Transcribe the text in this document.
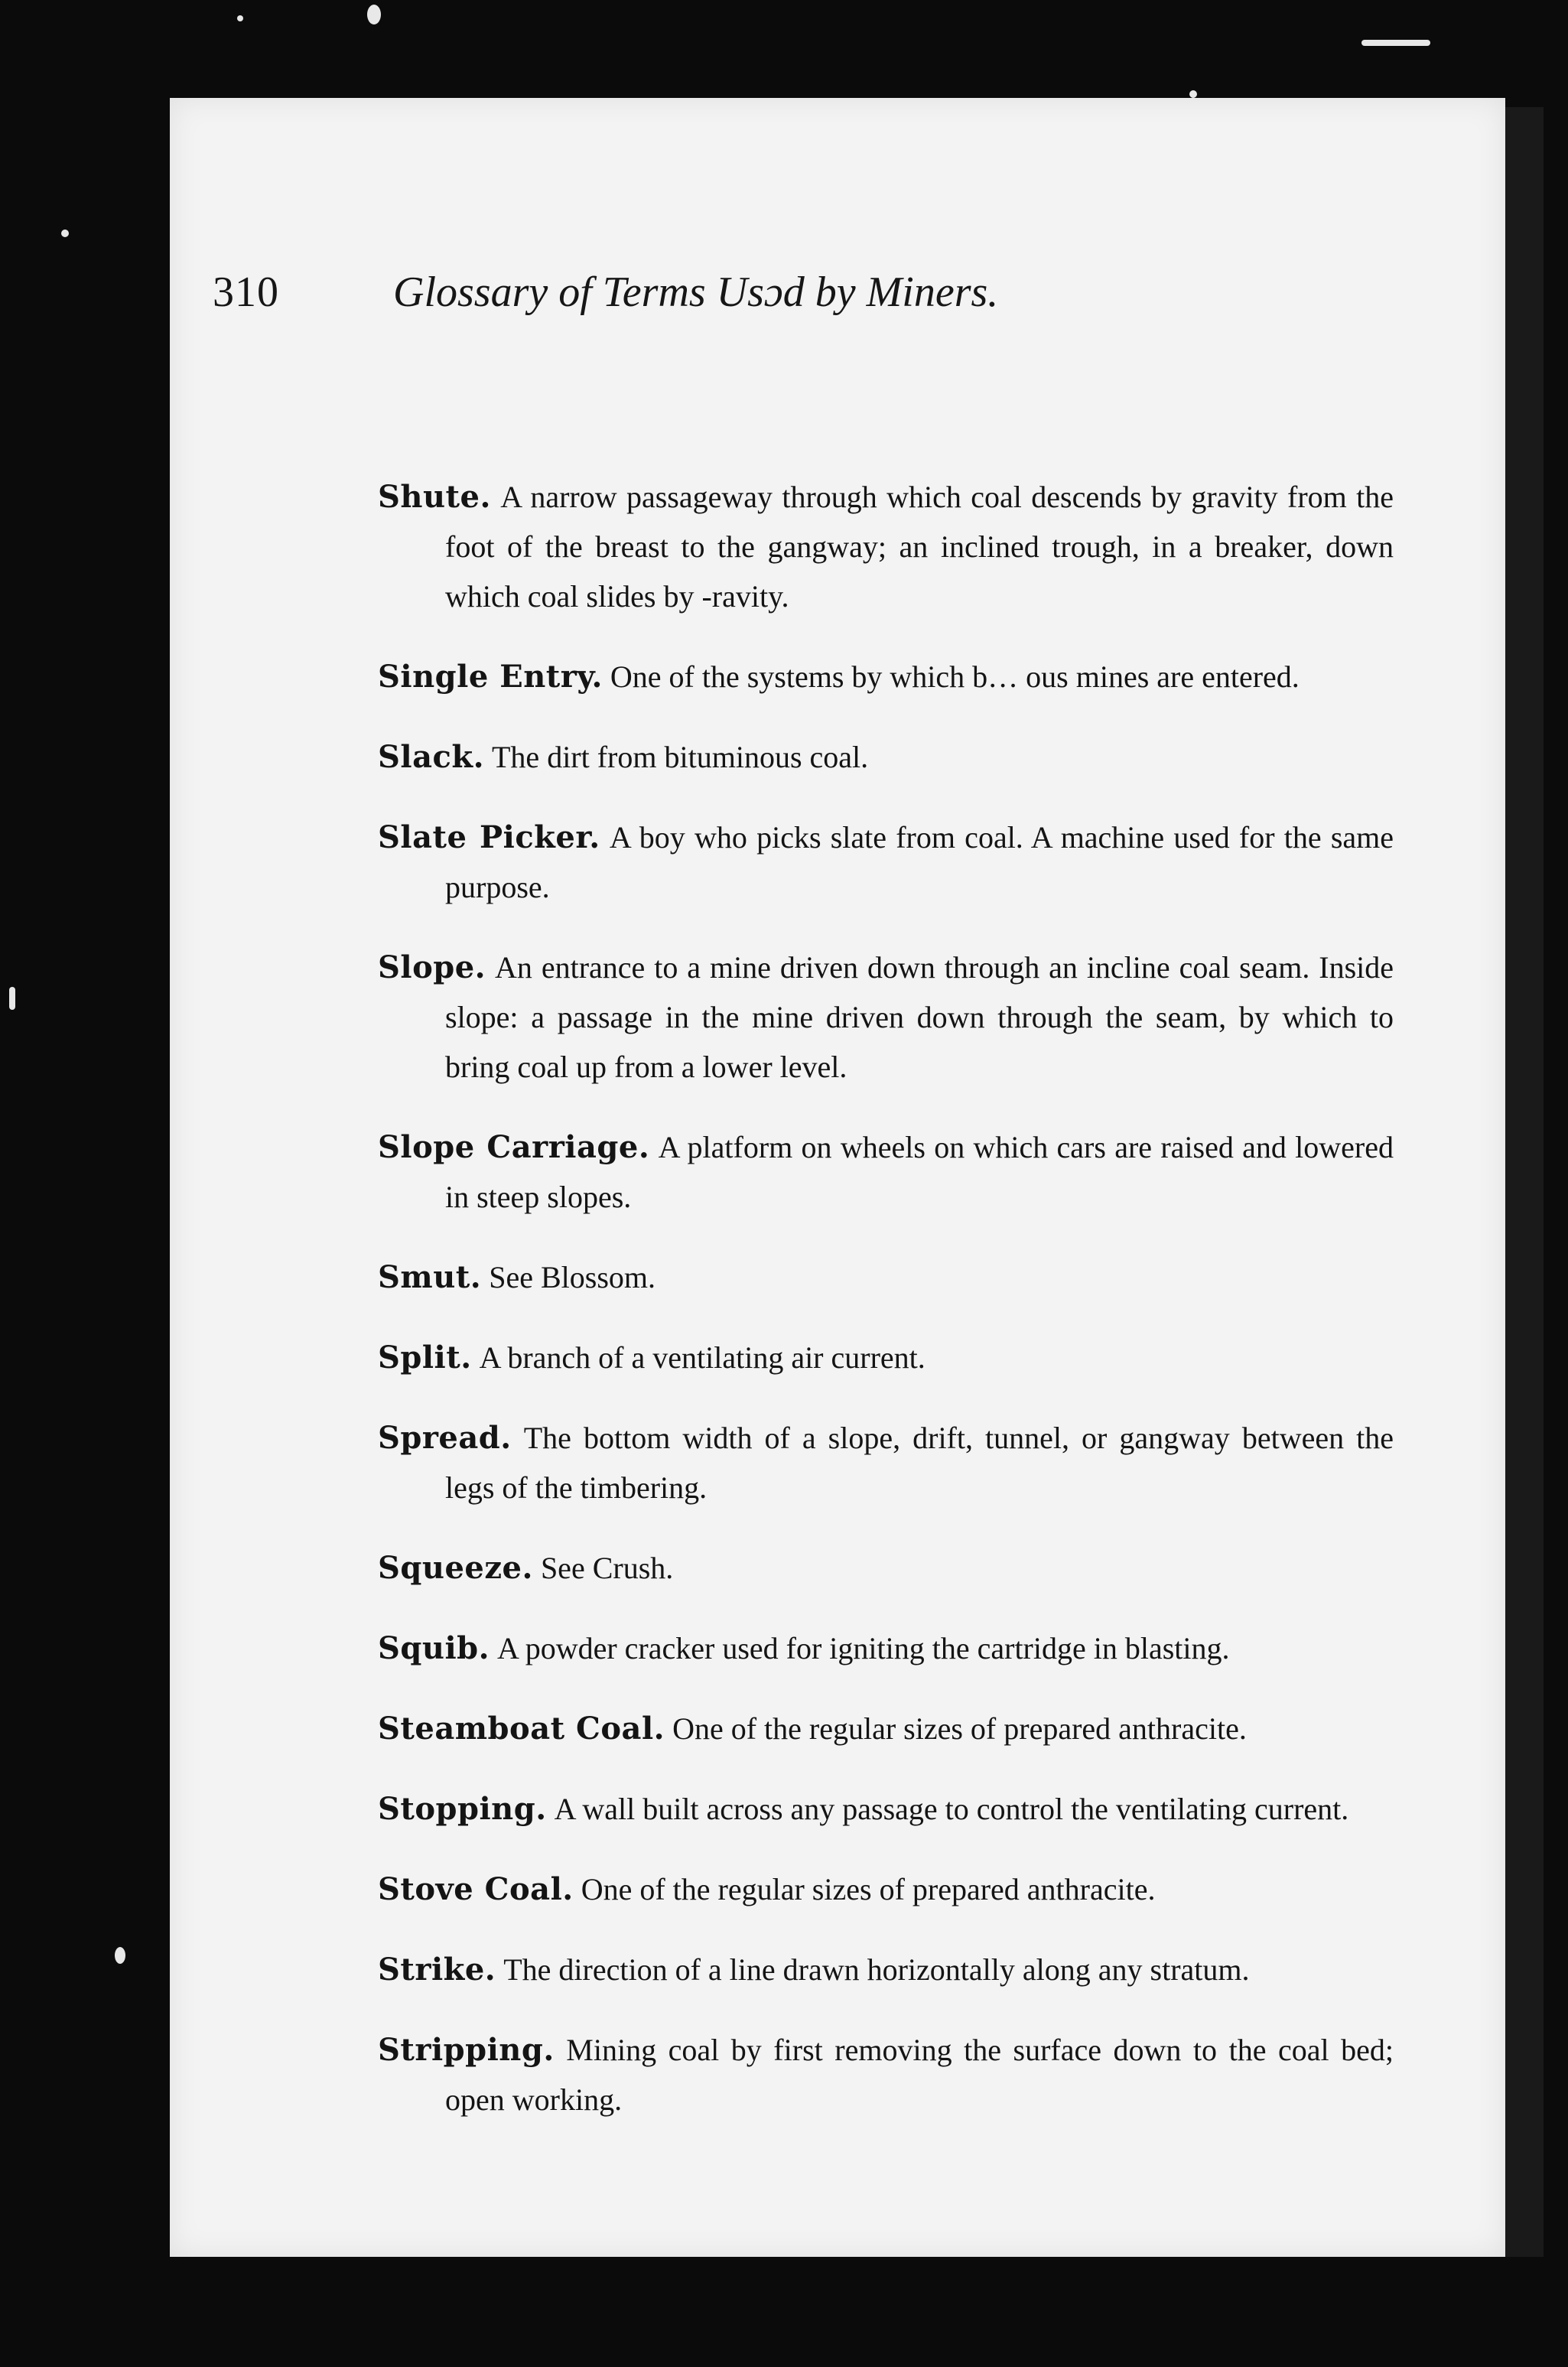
310	Glossary of Terms Usɔd by Miners.

Shute. A narrow passageway through which coal descends by gravity from the foot of the breast to the gangway; an inclined trough, in a breaker, down which coal slides by ‐ravity.

Single Entry. One of the systems by which b… ous mines are entered.

Slack. The dirt from bituminous coal.

Slate Picker. A boy who picks slate from coal. A machine used for the same purpose.

Slope. An entrance to a mine driven down through an incline coal seam. Inside slope: a passage in the mine driven down through the seam, by which to bring coal up from a lower level.

Slope Carriage. A platform on wheels on which cars are raised and lowered in steep slopes.

Smut. See Blossom.

Split. A branch of a ventilating air current.

Spread. The bottom width of a slope, drift, tunnel, or gangway between the legs of the timbering.

Squeeze. See Crush.

Squib. A powder cracker used for igniting the cartridge in blasting.

Steamboat Coal. One of the regular sizes of prepared anthracite.

Stopping. A wall built across any passage to control the ventilating current.

Stove Coal. One of the regular sizes of prepared anthracite.

Strike. The direction of a line drawn horizontally along any stratum.

Stripping. Mining coal by first removing the surface down to the coal bed; open working.
